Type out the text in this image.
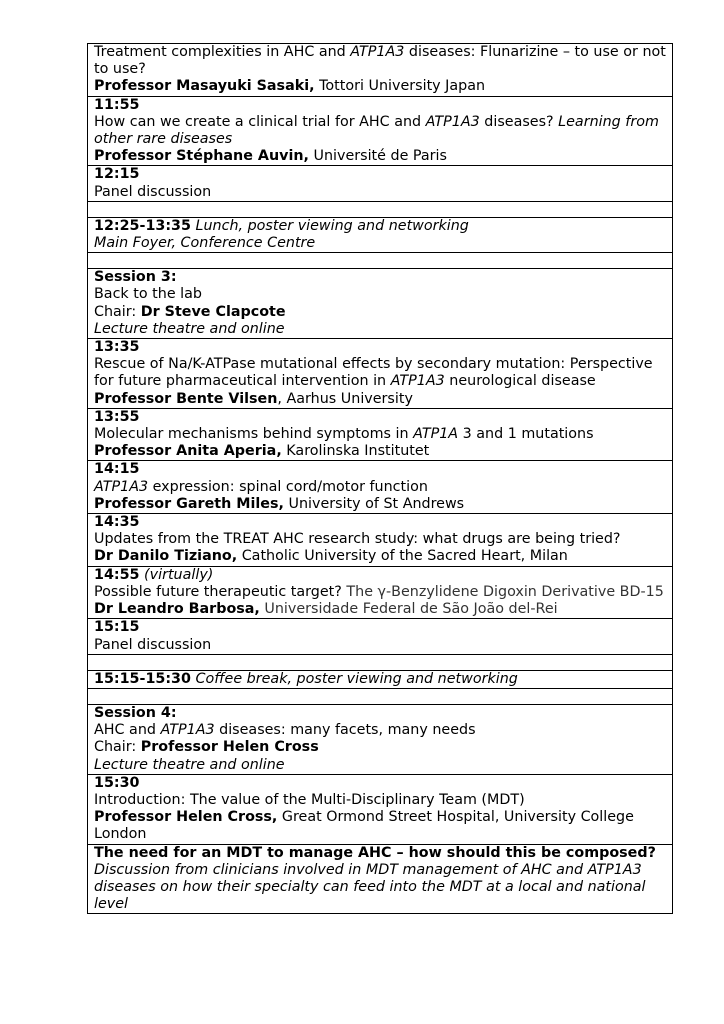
Treatment complexities in AHC and ATP1A3 diseases: Flunarizine – to use or not to use?
Professor Masayuki Sasaki, Tottori University Japan
11:55
How can we create a clinical trial for AHC and ATP1A3 diseases? Learning from other rare diseases
Professor Stéphane Auvin, Université de Paris
12:15
Panel discussion

12:25-13:35 Lunch, poster viewing and networking
Main Foyer, Conference Centre

Session 3:
Back to the lab
Chair: Dr Steve Clapcote
Lecture theatre and online
13:35
Rescue of Na/K-ATPase mutational effects by secondary mutation: Perspective for future pharmaceutical intervention in ATP1A3 neurological disease
Professor Bente Vilsen, Aarhus University
13:55
Molecular mechanisms behind symptoms in ATP1A 3 and 1 mutations
Professor Anita Aperia, Karolinska Institutet
14:15
ATP1A3 expression: spinal cord/motor function
Professor Gareth Miles, University of St Andrews
14:35
Updates from the TREAT AHC research study: what drugs are being tried?
Dr Danilo Tiziano, Catholic University of the Sacred Heart, Milan
14:55 (virtually)
Possible future therapeutic target? The γ-Benzylidene Digoxin Derivative BD-15
Dr Leandro Barbosa, Universidade Federal de São João del-Rei
15:15
Panel discussion

15:15-15:30 Coffee break, poster viewing and networking

Session 4:
AHC and ATP1A3 diseases: many facets, many needs
Chair: Professor Helen Cross
Lecture theatre and online
15:30
Introduction: The value of the Multi-Disciplinary Team (MDT)
Professor Helen Cross, Great Ormond Street Hospital, University College London
The need for an MDT to manage AHC – how should this be composed?
Discussion from clinicians involved in MDT management of AHC and ATP1A3 diseases on how their specialty can feed into the MDT at a local and national level
